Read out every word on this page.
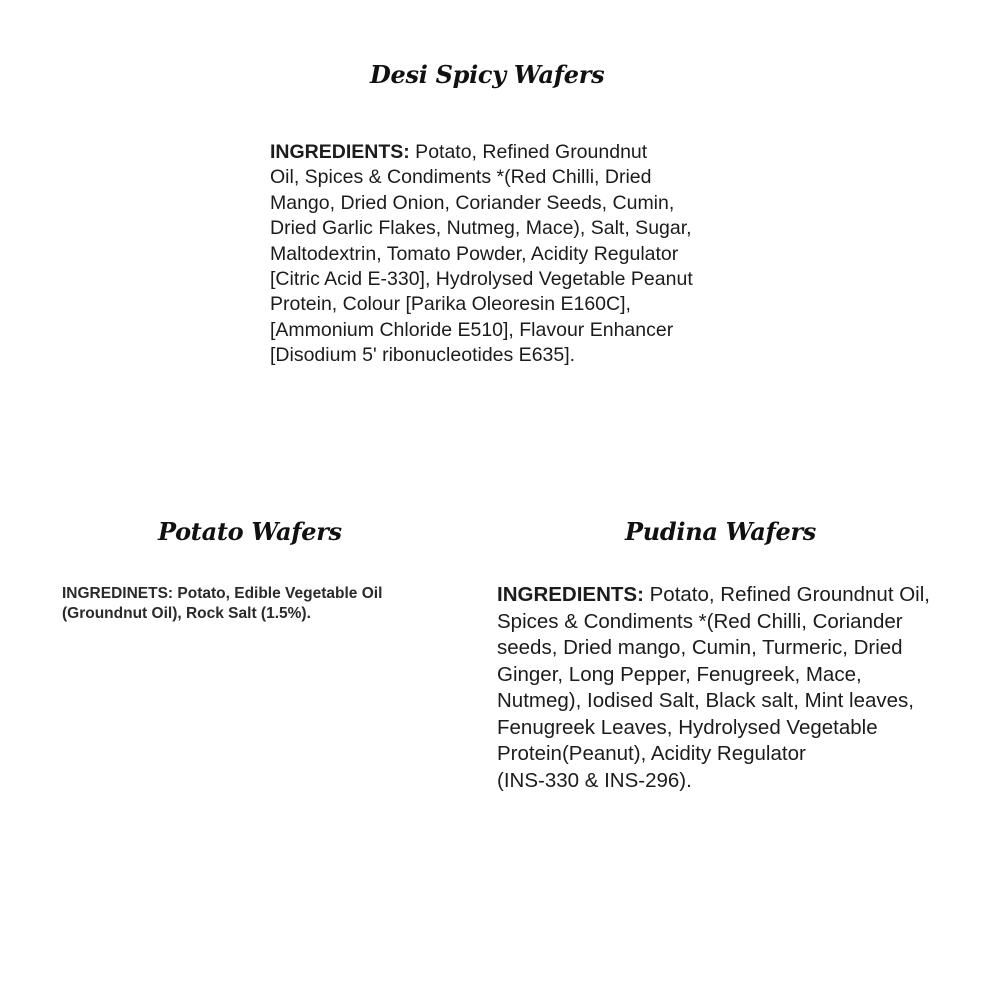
Desi Spicy Wafers
INGREDIENTS: Potato, Refined Groundnut
Oil, Spices & Condiments *(Red Chilli, Dried
Mango, Dried Onion, Coriander Seeds, Cumin,
Dried Garlic Flakes, Nutmeg, Mace), Salt, Sugar,
Maltodextrin, Tomato Powder, Acidity Regulator
[Citric Acid E-330], Hydrolysed Vegetable Peanut
Protein, Colour [Parika Oleoresin E160C],
[Ammonium Chloride E510], Flavour Enhancer
[Disodium 5' ribonucleotides E635].
Potato Wafers
INGREDINETS: Potato, Edible Vegetable Oil
(Groundnut Oil), Rock Salt (1.5%).
Pudina Wafers
INGREDIENTS: Potato, Refined Groundnut Oil,
Spices & Condiments *(Red Chilli, Coriander
seeds, Dried mango, Cumin, Turmeric, Dried
Ginger, Long Pepper, Fenugreek, Mace,
Nutmeg), Iodised Salt, Black salt, Mint leaves,
Fenugreek Leaves, Hydrolysed Vegetable
Protein(Peanut), Acidity Regulator
(INS-330 & INS-296).
